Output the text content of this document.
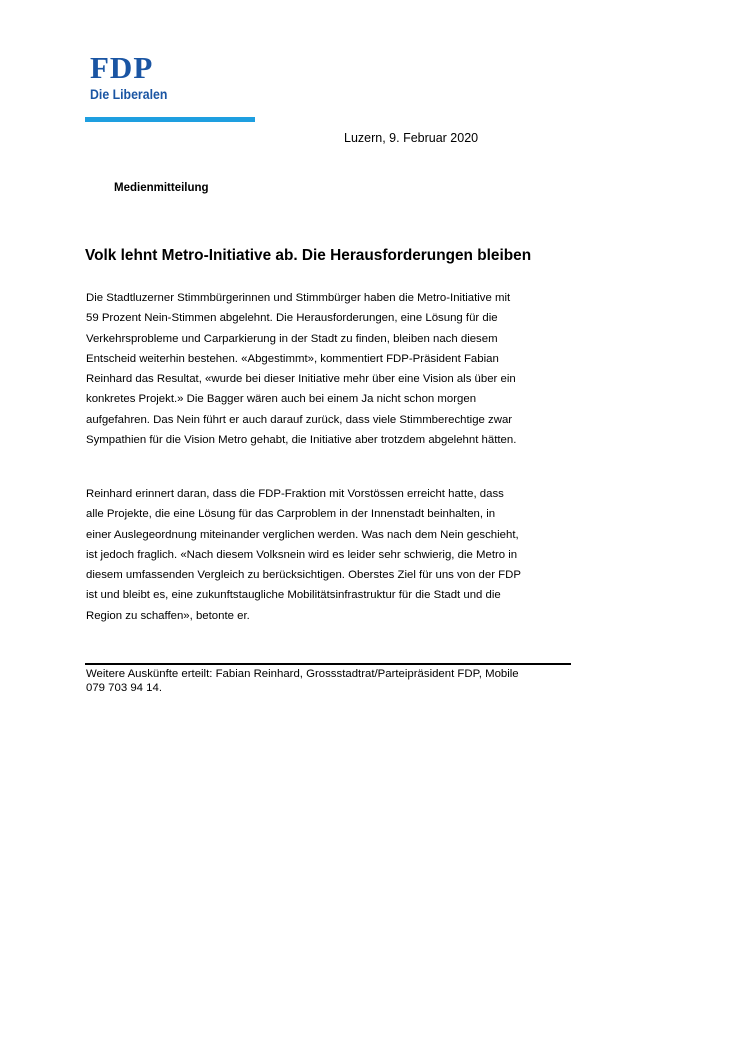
FDP
Die Liberalen
Luzern, 9. Februar 2020
Medienmitteilung
Volk lehnt Metro-Initiative ab. Die Herausforderungen bleiben
Die Stadtluzerner Stimmbürgerinnen und Stimmbürger haben die Metro-Initiative mit
59 Prozent Nein-Stimmen abgelehnt. Die Herausforderungen, eine Lösung für die
Verkehrsprobleme und Carparkierung in der Stadt zu finden, bleiben nach diesem
Entscheid weiterhin bestehen. «Abgestimmt», kommentiert FDP-Präsident Fabian
Reinhard das Resultat, «wurde bei dieser Initiative mehr über eine Vision als über ein
konkretes Projekt.» Die Bagger wären auch bei einem Ja nicht schon morgen
aufgefahren. Das Nein führt er auch darauf zurück, dass viele Stimmberechtige zwar
Sympathien für die Vision Metro gehabt, die Initiative aber trotzdem abgelehnt hätten.
Reinhard erinnert daran, dass die FDP-Fraktion mit Vorstössen erreicht hatte, dass
alle Projekte, die eine Lösung für das Carproblem in der Innenstadt beinhalten, in
einer Auslegeordnung miteinander verglichen werden. Was nach dem Nein geschieht,
ist jedoch fraglich. «Nach diesem Volksnein wird es leider sehr schwierig, die Metro in
diesem umfassenden Vergleich zu berücksichtigen. Oberstes Ziel für uns von der FDP
ist und bleibt es, eine zukunftstaugliche Mobilitätsinfrastruktur für die Stadt und die
Region zu schaffen», betonte er.
Weitere Auskünfte erteilt: Fabian Reinhard, Grossstadtrat/Parteipräsident FDP, Mobile
079 703 94 14.
